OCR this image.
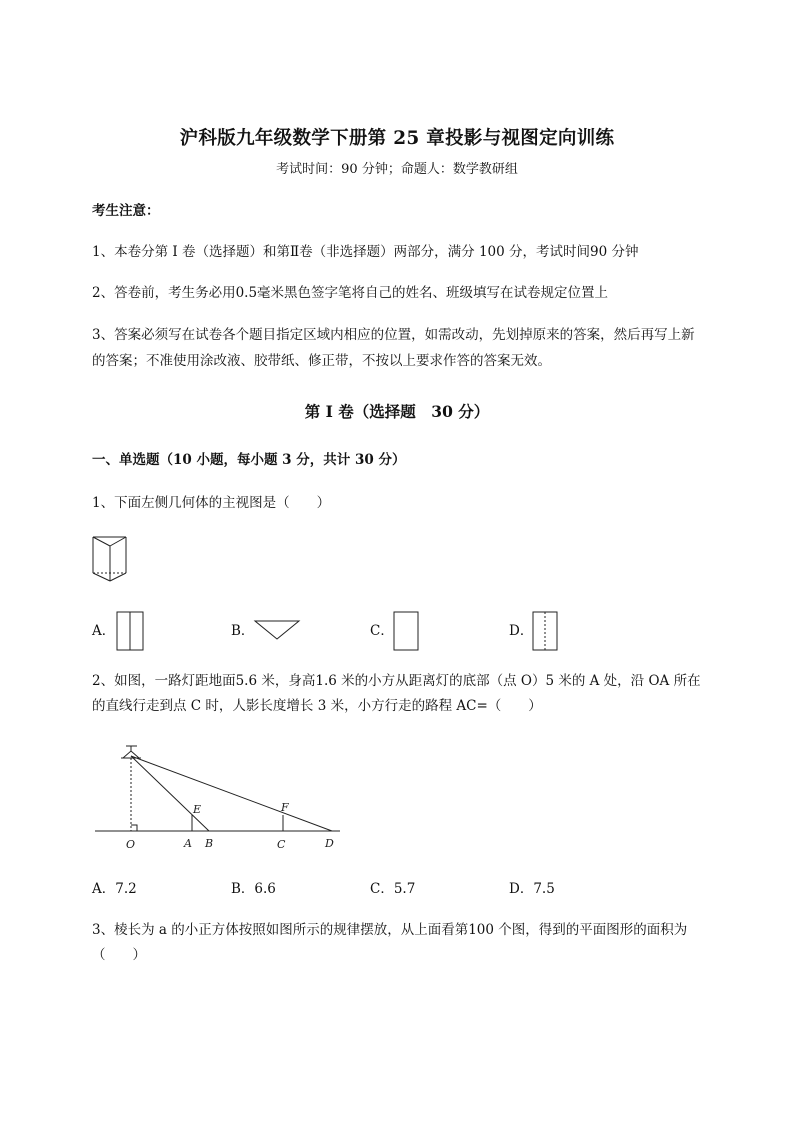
沪科版九年级数学下册第 25 章投影与视图定向训练
考试时间：90 分钟；命题人：数学教研组
考生注意：
1、本卷分第 I 卷（选择题）和第Ⅱ卷（非选择题）两部分，满分 100 分，考试时间90 分钟
2、答卷前，考生务必用0.5毫米黑色签字笔将自己的姓名、班级填写在试卷规定位置上
3、答案必须写在试卷各个题目指定区域内相应的位置，如需改动，先划掉原来的答案，然后再写上新
的答案；不准使用涂改液、胶带纸、修正带，不按以上要求作答的答案无效。
第 I 卷（选择题　30 分）
一、单选题（10 小题，每小题 3 分，共计 30 分）
1、下面左侧几何体的主视图是（　　）
A．	B．	C．	D．
2、如图，一路灯距地面5.6 米，身高1.6 米的小方从距离灯的底部（点 O）5 米的 A 处，沿 OA 所在
的直线行走到点 C 时，人影长度增长 3 米，小方行走的路程 AC=（　　）
E	F
O	A B	C	D
A．7.2	B．6.6	C．5.7	D．7.5
3、棱长为 a 的小正方体按照如图所示的规律摆放，从上面看第100 个图，得到的平面图形的面积为
（　　）
